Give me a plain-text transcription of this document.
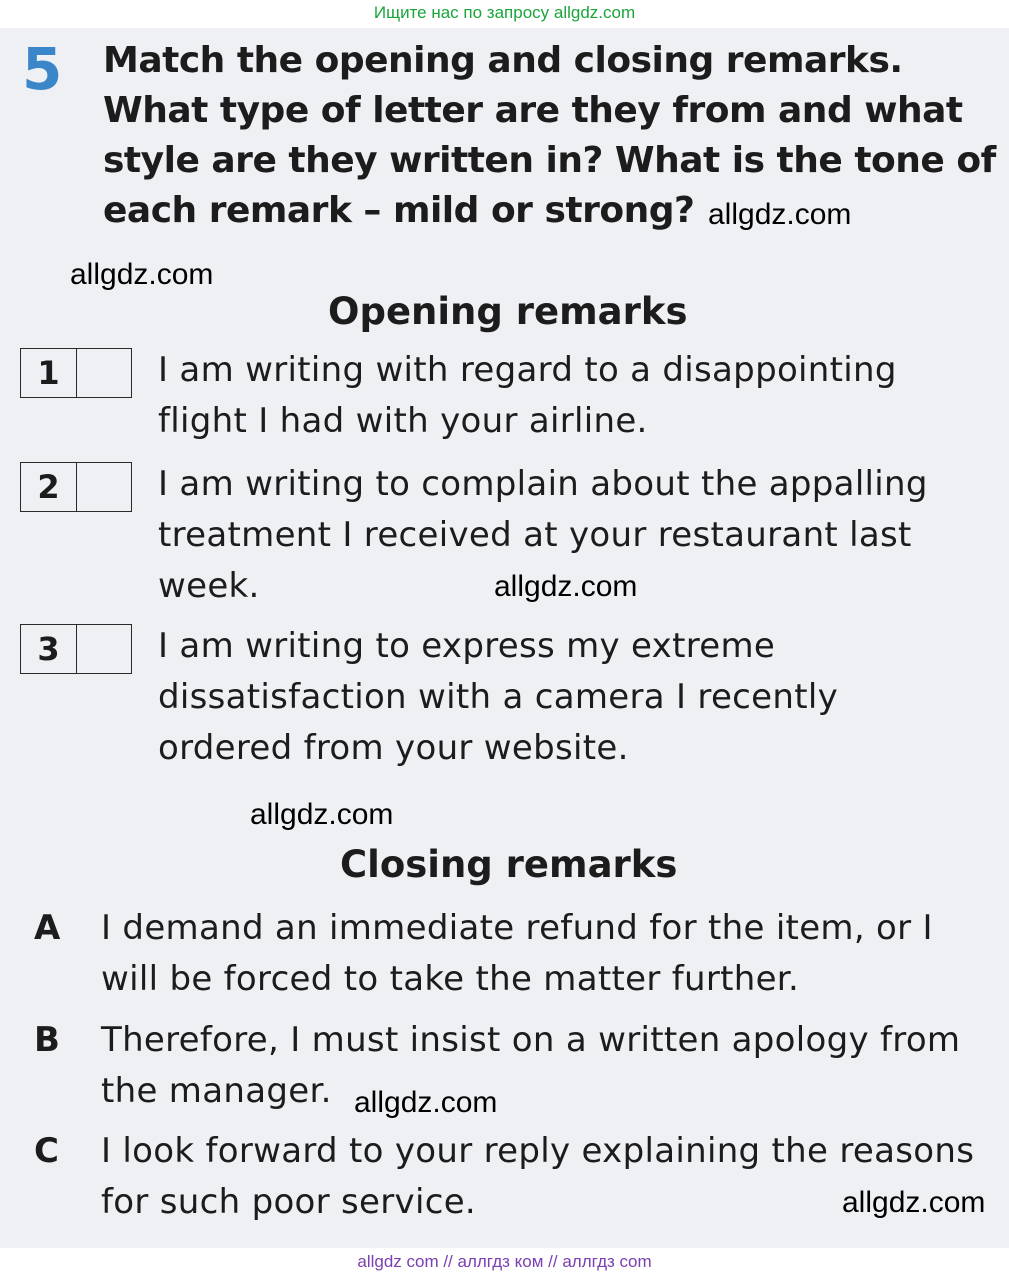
Ищите нас по запросу allgdz.com
5 Match the opening and closing remarks.
What type of letter are they from and what
style are they written in? What is the tone of
each remark – mild or strong?
Opening remarks
1	I am writing with regard to a disappointing
flight I had with your airline.
2	I am writing to complain about the appalling
treatment I received at your restaurant last
week.
3	I am writing to express my extreme
dissatisfaction with a camera I recently
ordered from your website.
Closing remarks
A I demand an immediate refund for the item, or I
will be forced to take the matter further.
B Therefore, I must insist on a written apology from
the manager.
C I look forward to your reply explaining the reasons
for such poor service.
allgdz.com
allgdz.com
allgdz.com
allgdz.com
allgdz.com
allgdz.com
allgdz com // аллгдз ком // аллгдз com
